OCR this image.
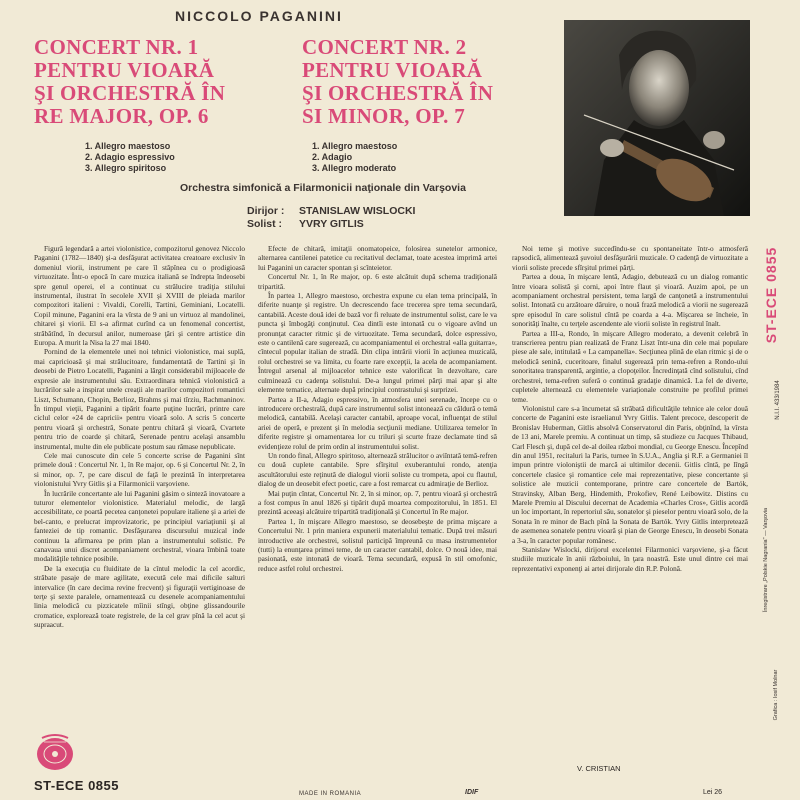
NICCOLO PAGANINI
CONCERT NR. 1
PENTRU VIOARĂ
ŞI ORCHESTRĂ ÎN
RE MAJOR, OP. 6
CONCERT NR. 2
PENTRU VIOARĂ
ŞI ORCHESTRĂ ÎN
SI MINOR, OP. 7
1. Allegro maestoso
2. Adagio espressivo
3. Allegro spiritoso
1. Allegro maestoso
2. Adagio
3. Allegro moderato
Orchestra simfonică a Filarmonicii naţionale din Varşovia
Dirijor : STANISLAW WISLOCKI
Solist : YVRY GITLIS
ST-ECE 0855
N.I.I. 433/1984
Înregistrare „Polskie Nagrania" — Varşovia
Grafica : Iosif Molnar

Figură legendară a artei violonistice, compozitorul genovez Niccolo Paganini (1782—1840) şi-a desfăşurat activitatea creatoare exclusiv în domeniul viorii, instrument pe care îl stăpînea cu o prodigioasă virtuozitate. Într-o epocă în care muzica italiană se îndrepta îndeosebi spre genul operei, el a continuat cu strălucire tradiţia stilului instrumental, ilustrat în secolele XVII şi XVIII de pleiada marilor compozitori italieni : Vivaldi, Corelli, Tartini, Geminiani, Locatelli. Copil minune, Paganini era la vîrsta de 9 ani un virtuoz al mandolinei, chitarei şi viorii. El s-a afirmat curînd ca un fenomenal concertist, străbătînd, în decursul anilor, numeroase ţări şi centre artistice din Europa. A murit la Nisa la 27 mai 1840.

Pornind de la elementele unei noi tehnici violonistice, mai suplă, mai capricioasă şi mai strălucitoare, fundamentată de Tartini şi în deosebi de Pietro Locatelli, Paganini a lărgit considerabil mijloacele de expresie ale instrumentului său. Extraordinara tehnică violonistică a lucrărilor sale a inspirat unele creaţii ale marilor compozitori romantici Liszt, Schumann, Chopin, Berlioz, Brahms şi mai tîrziu, Rachmaninov. În timpul vieţii, Paganini a tipărit foarte puţine lucrări, printre care ciclul celor «24 de capricii» pentru vioară solo. A scris 5 concerte pentru vioară şi orchestră, Sonate pentru chitară şi vioară, Cvartete pentru trio de coarde şi chitară, Serenade pentru acelaşi ansamblu instrumental, multe din ele publicate postum sau rămase nepublicate.

Cele mai cunoscute din cele 5 concerte scrise de Paganini sînt primele două : Concertul Nr. 1, în Re major, op. 6 şi Concertul Nr. 2, în si minor, op. 7, pe care discul de faţă le prezintă în interpretarea violonistului Yvry Gitlis şi a Filarmonicii varşoviene.

În lucrările concertante ale lui Paganini găsim o sinteză inovatoare a tuturor elementelor violonistice. Materialul melodic, de largă accesibilitate, ce poartă pecetea canţonetei populare italiene şi a ariei de bel-canto, e prelucrat improvizatoric, pe principiul variaţiunii şi al fanteziei de tip romantic. Desfăşurarea discursului muzical inde continuu la afirmarea pe prim plan a instrumentului solistic. Pe canavaua unui discret acompaniament orchestral, vioara îmbină toate modalităţile tehnice posibile.

De la execuţia cu fluiditate de la cîntul melodic la cel acordic, străbate pasaje de mare agilitate, execută cele mai dificile salturi intervalice (în care decima revine frecvent) şi figuraţii vertiginoase de terţe şi sexte paralele, ornamentează cu desenele acompaniamentului linia melodică cu pizzicatele mîinii stîngi, obţine glissandourile cromatice, explorează toate registrele, de la cel grav pînă la cel acut şi supraacut.

Efecte de chitară, imitaţii onomatopeice, folosirea sunetelor armonice, alternarea cantilenei patetice cu recitativul declamat, toate acestea imprimă artei lui Paganini un caracter spontan şi scînteietor.

Concertul Nr. 1, în Re major, op. 6 este alcătuit după schema tradiţională tripartită.

În partea 1, Allegro maestoso, orchestra expune cu elan tema principală, în diferite nuanţe şi registre. Un decrescendo face trecerea spre tema secundară, cantabilă. Aceste două idei de bază vor fi reluate de instrumentul solist, care le va puncta şi îmbogăţi conţinutul. Cea dintîi este intonată cu o vigoare avînd un pronunţat caracter ritmic şi de virtuozitate. Tema secundară, dolce espressivo, este o cantilenă care sugerează, cu acompaniamentul ei orchestral «alla guitarra», cîntecul popular italian de stradă. Din clipa intrării viorii în acţiunea muzicală, rolul orchestrei se va limita, cu foarte rare excepţii, la acela de acompaniament. Întregul arsenal al mijloacelor tehnice este valorificat în dezvoltare, care culminează cu cadenţa solistului. De-a lungul primei părţi mai apar şi alte elemente tematice, alternate după principiul contrastului şi surprizei.

Partea a II-a, Adagio espressivo, în atmosfera unei serenade, începe cu o introducere orchestrală, după care instrumentul solist intonează cu căldură o temă melodică, cantabilă. Acelaşi caracter cantabil, aproape vocal, influenţat de stilul ariei de operă, e prezent şi în melodia secţiunii mediane. Utilizarea temelor în diferite registre şi ornamentarea lor cu triluri şi scurte fraze declamate tind să evidenţieze rolul de prim ordin al instrumentului solist.

Un rondo final, Allegro spiritoso, alternează strălucitor o aviîntată temă-refren cu două cuplete cantabile. Spre sfîrşitul exuberantului rondo, atenţia ascultătorului este reţinută de dialogul viorii soliste cu trompeta, apoi cu flautul, dialog de un deosebit efect poetic, care a fost remarcat cu admiraţie de Berlioz.

Mai puţin cîntat, Concertul Nr. 2, în si minor, op. 7, pentru vioară şi orchestră a fost compus în anul 1826 şi tipărit după moartea compozitorului, în 1851. El prezintă aceeaşi alcătuire tripartită tradiţională şi Concertul în Re major.

Partea 1, în mişcare Allegro maestoso, se deosebeşte de prima mişcare a Concertului Nr. 1 prin maniera expunerii materialului tematic. După trei măsuri introductive ale orchestrei, solistul participă împreună cu masa instrumentelor (tutti) la enunţarea primei teme, de un caracter cantabil, dolce. O nouă idee, mai pasionată, este intonată de vioară. Tema secundară, expusă în stil omofonic, reduce astfel rolul orchestrei.

Noi teme şi motive succedîndu-se cu spontaneitate într-o atmosferă rapsodică, alimentează şuvoiul desfăşurării muzicale. O cadenţă de virtuozitate a viorii soliste precede sfîrşitul primei părţi.

Partea a doua, în mişcare lentă, Adagio, debutează cu un dialog romantic între vioara solistă şi corni, apoi între flaut şi vioară. Auzim apoi, pe un acompaniament orchestral persistent, tema largă de canţonetă a instrumentului solist. Intonată cu arzătoare dăruire, o nouă frază melodică a viorii ne sugerează spre episodul în care solistul cîntă pe coarda a 4-a. Mişcarea se încheie, în sonorităţi înalte, cu terţele ascendente ale viorii soliste în registrul înalt.

Partea a III-a, Rondo, în mişcare Allegro moderato, a devenit celebră în transcrierea pentru pian realizată de Franz Liszt într-una din cele mai populare piese ale sale, intitulată « La campanella». Secţiunea plină de elan ritmic şi de o melodică senină, cuceritoare, finalul sugerează prin tema-refren a Rondo-ului sonoritatea transparentă, argintie, a clopoţeilor. Încredinţată cînd solistului, cînd orchestrei, tema-refren suferă o continuă gradaţie dinamică. La fel de diverte, cupletele alternează cu elementele variaţionale construite pe profilul primei teme.

Violonistul care s-a încumetat să străbată dificultăţile tehnice ale celor două concerte de Paganini este israelianul Yvry Gitlis. Talent precoce, descoperit de Bronislav Huberman, Gitlis absolvă Conservatorul din Paris, obţinînd, la vîrsta de 13 ani, Marele premiu. A continuat un timp, să studieze cu Jacques Thibaud, Carl Flesch şi, după cel de-al doilea război mondial, cu George Enescu. Începînd din anul 1951, recitaluri la Paris, turnee în S.U.A., Anglia şi R.F. a Germaniei îl impun printre violoniştii de marcă ai ultimilor decenii. Gitlis cîntă, pe lîngă concertele clasice şi romantice cele mai reprezentative, piese concertante şi solistice ale muzicii contemporane, printre care concertele de Bartók, Stravinsky, Alban Berg, Hindemith, Prokofiev, René Leibowitz. Distins cu Marele Premiu al Discului decernat de Academia «Charles Cros», Gitlis acordă un loc important, în repertoriul său, sonatelor şi pieselor pentru vioară solo, de la Sonata în re minor de Bach pînă la Sonata de Bartók. Yvry Gitlis interpretează de asemenea sonatele pentru vioară şi pian de George Enescu, în deosebi Sonata a 3-a, în caracter popular românesc.

Stanislaw Wislocki, dirijorul excelentei Filarmonici varşoviene, şi-a făcut studiile muzicale în anii războiului, în ţara noastră. Este unul dintre cei mai reprezentativi exponenţi ai artei dirijorale din R.P. Polonă.

ST-ECE 0855
MADE IN ROMANIA	IDIF
V. CRISTIAN
Lei 26
